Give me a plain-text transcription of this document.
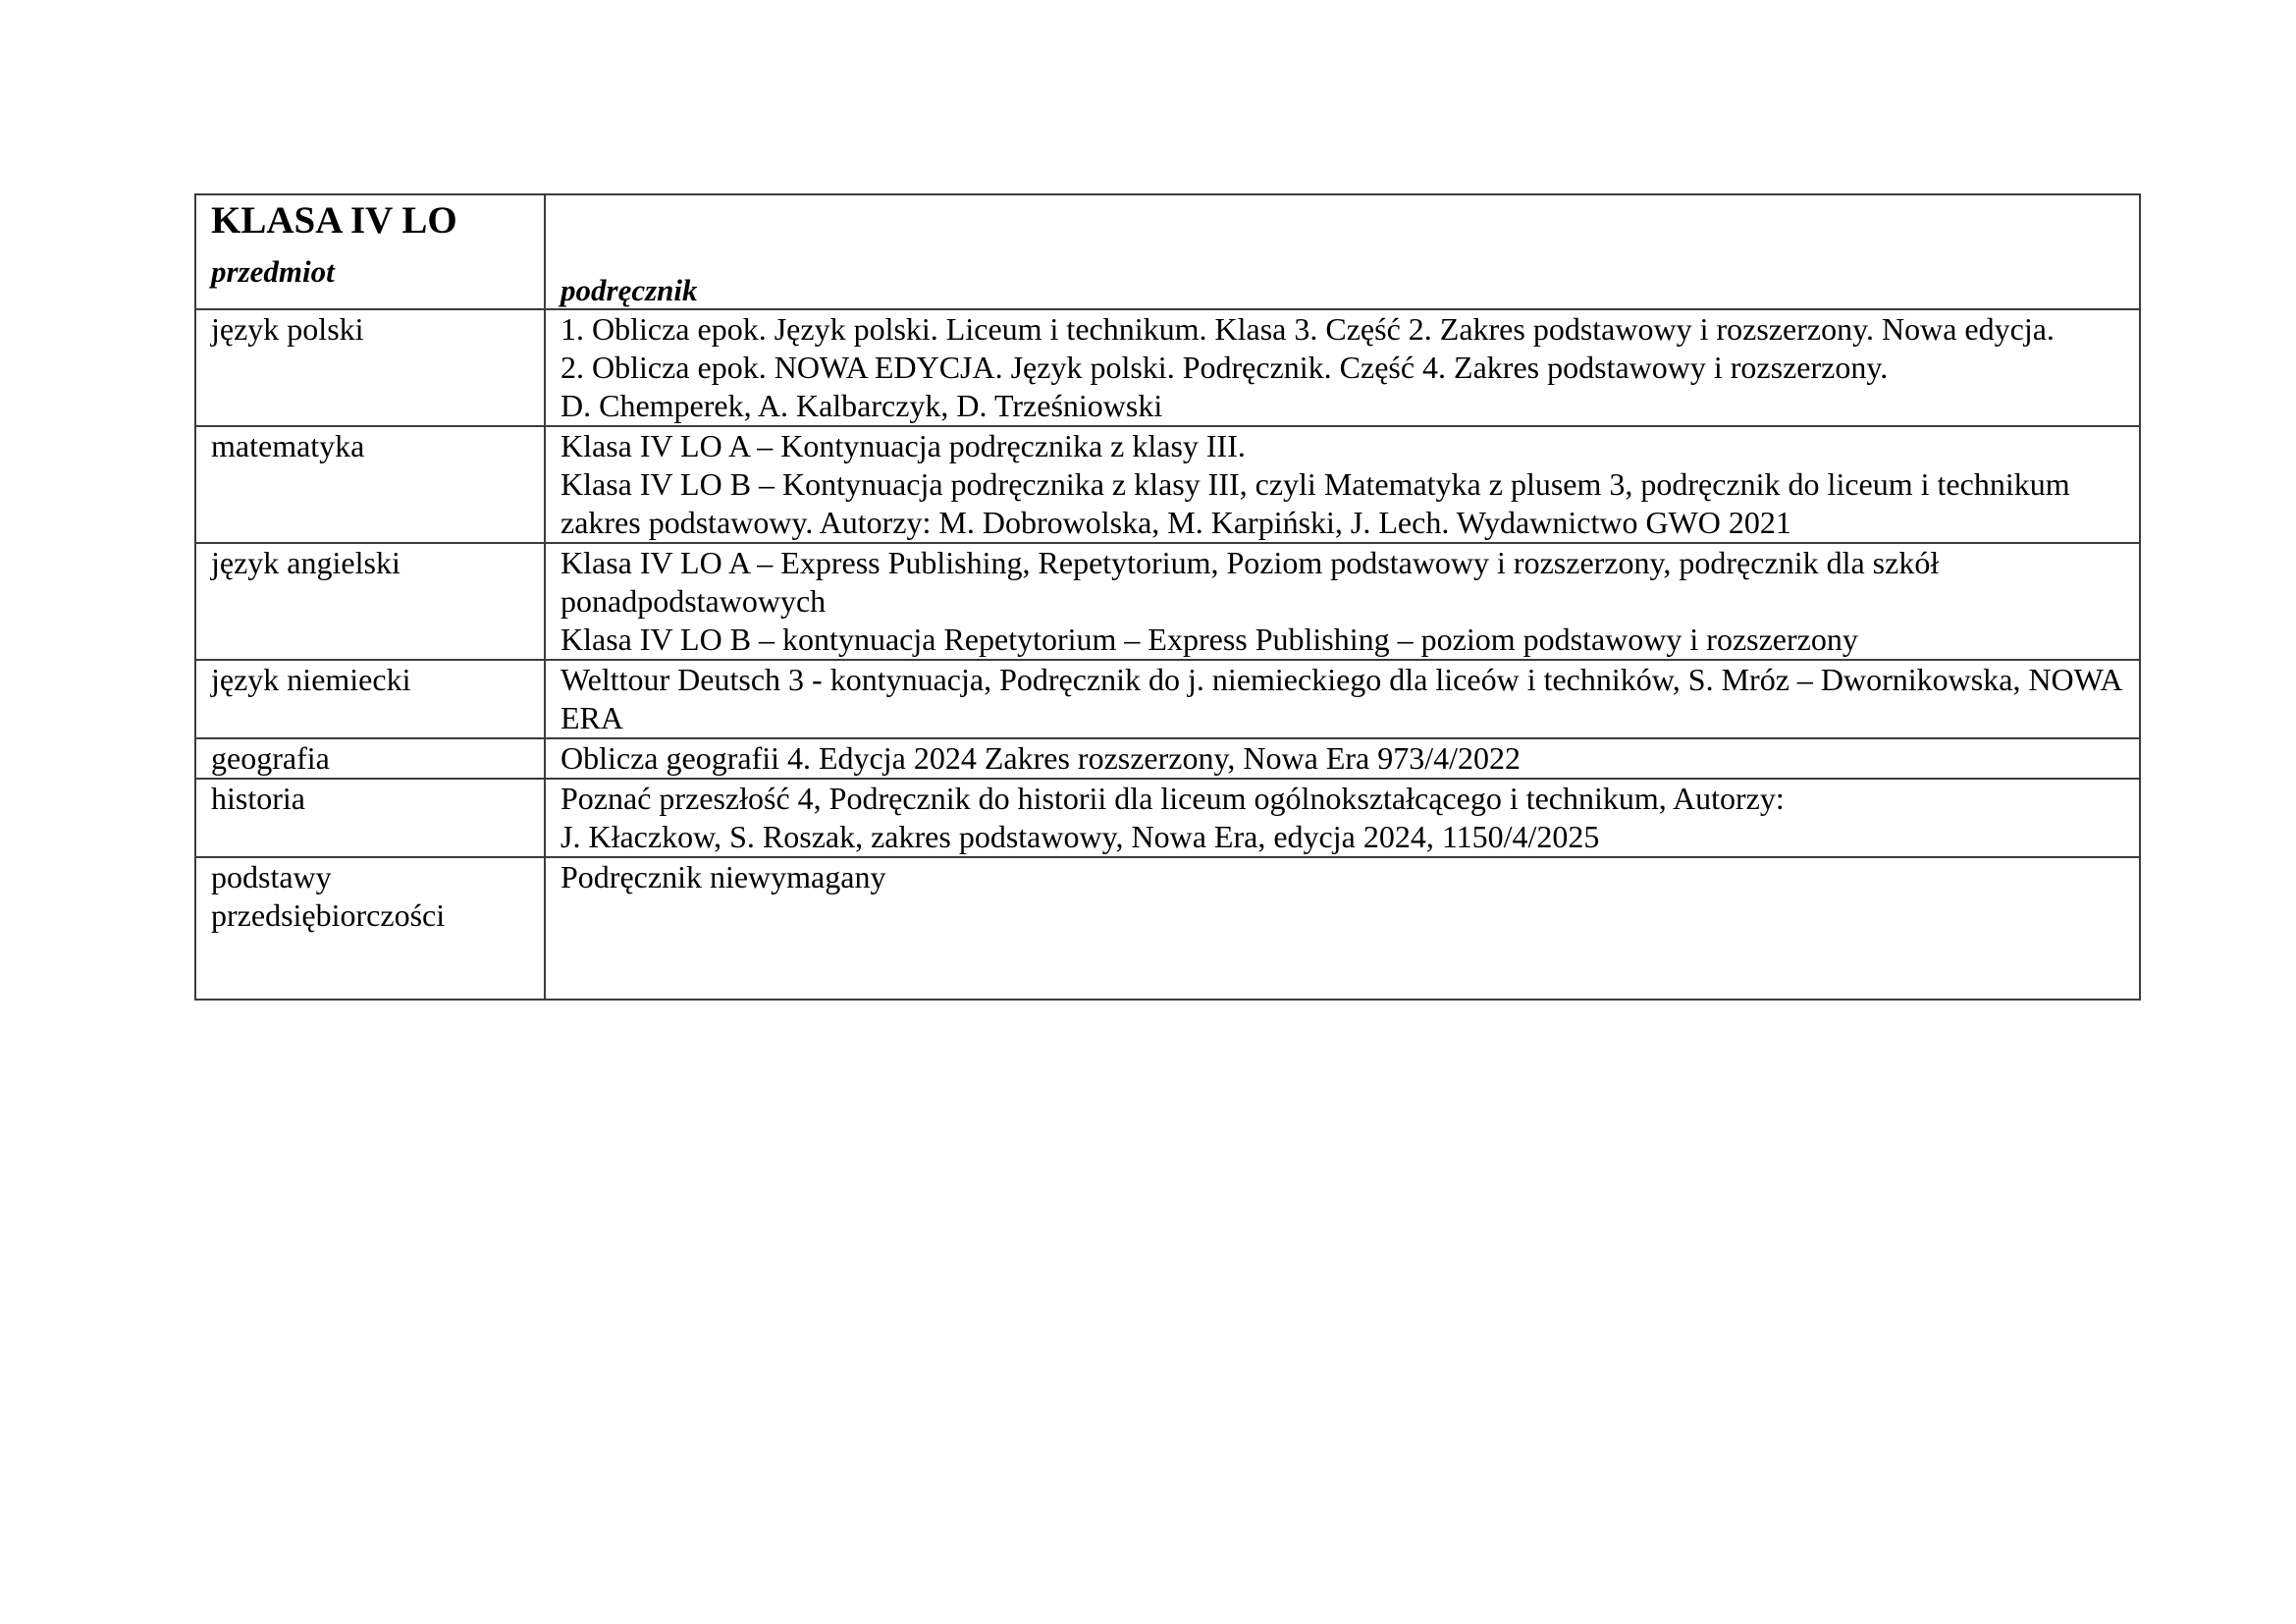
KLASA IV LO
przedmiot	podręcznik

język polski	1. Oblicza epok. Język polski. Liceum i technikum. Klasa 3. Część 2. Zakres podstawowy i rozszerzony. Nowa edycja.
2. Oblicza epok. NOWA EDYCJA. Język polski. Podręcznik. Część 4. Zakres podstawowy i rozszerzony.
D. Chemperek, A. Kalbarczyk, D. Trześniowski

matematyka	Klasa IV LO A – Kontynuacja podręcznika z klasy III.
Klasa IV LO B – Kontynuacja podręcznika z klasy III, czyli Matematyka z plusem 3, podręcznik do liceum i technikum zakres podstawowy. Autorzy: M. Dobrowolska, M. Karpiński, J. Lech. Wydawnictwo GWO 2021

język angielski	Klasa IV LO A – Express Publishing, Repetytorium, Poziom podstawowy i rozszerzony, podręcznik dla szkół ponadpodstawowych
Klasa IV LO B – kontynuacja Repetytorium – Express Publishing – poziom podstawowy i rozszerzony

język niemiecki	Welttour Deutsch 3 - kontynuacja, Podręcznik do j. niemieckiego dla liceów i techników, S. Mróz – Dwornikowska, NOWA ERA

geografia	Oblicza geografii 4. Edycja 2024 Zakres rozszerzony, Nowa Era 973/4/2022

historia	Poznać przeszłość 4, Podręcznik do historii dla liceum ogólnokształcącego i technikum, Autorzy:
J. Kłaczkow, S. Roszak, zakres podstawowy, Nowa Era, edycja 2024, 1150/4/2025

podstawy przedsiębiorczości	Podręcznik niewymagany
